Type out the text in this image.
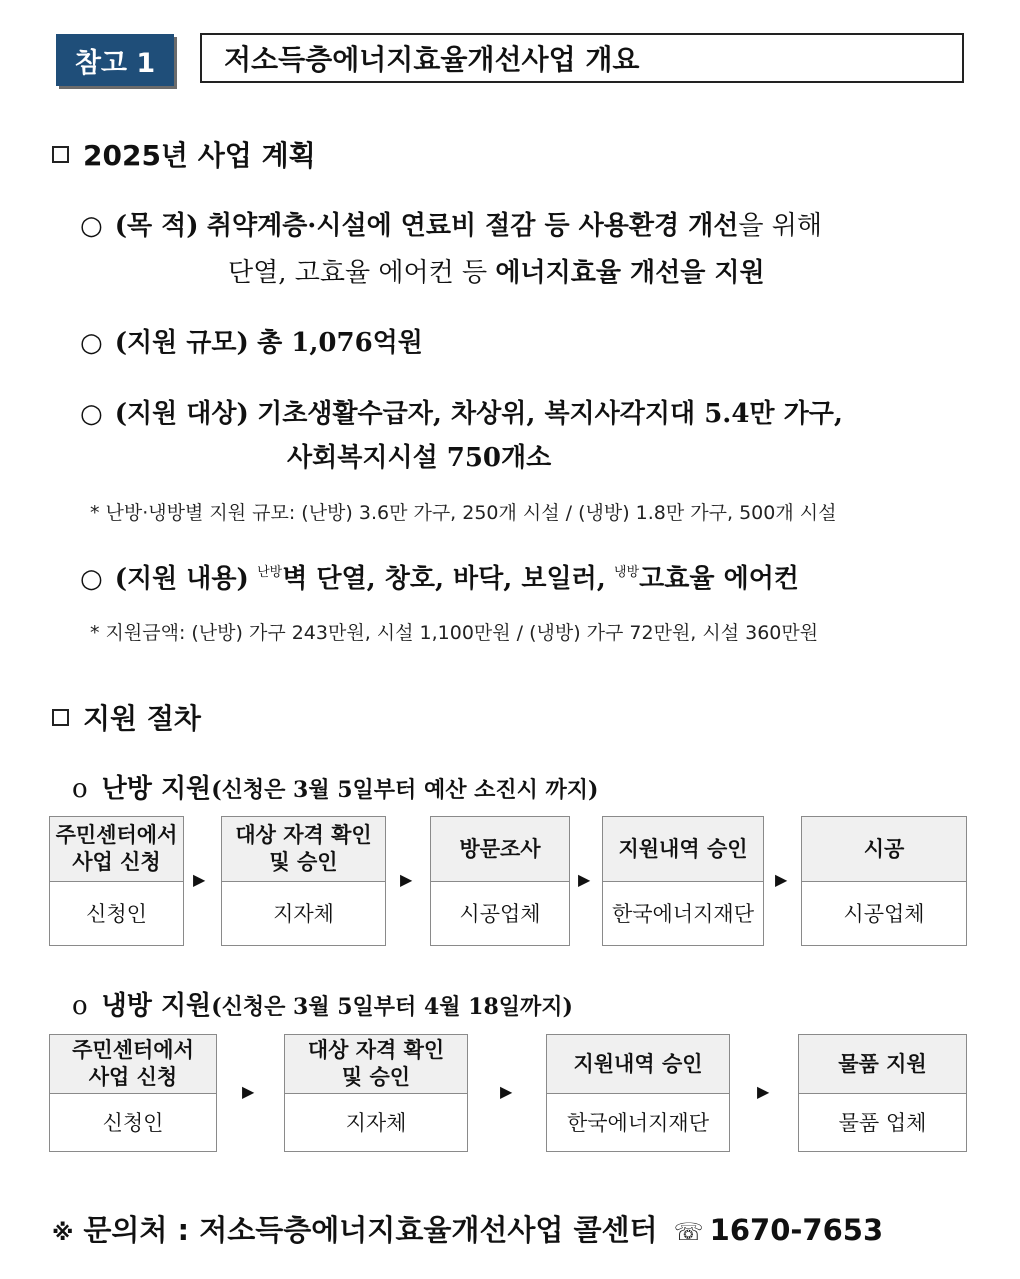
참고 1	저소득층에너지효율개선사업 개요
2025년 사업 계획
○ (목 적) 취약계층·시설에 연료비 절감 등 사용환경 개선을 위해
단열, 고효율 에어컨 등 에너지효율 개선을 지원
○ (지원 규모) 총 1,076억원
○ (지원 대상) 기초생활수급자, 차상위, 복지사각지대 5.4만 가구,
사회복지시설 750개소
* 난방·냉방별 지원 규모: (난방) 3.6만 가구, 250개 시설 / (냉방) 1.8만 가구, 500개 시설
○ (지원 내용) $^{난방}$벽 단열, 창호, 바닥, 보일러, $^{냉방}$고효율 에어컨
* 지원금액: (난방) 가구 243만원, 시설 1,100만원 / (냉방) 가구 72만원, 시설 360만원
지원 절차
o 난방 지원(신청은 3월 5일부터 예산 소진시 까지)
주민센터에서
사업 신청
신청인
▶
대상 자격 확인
및 승인
지자체
▶
방문조사
시공업체
▶
지원내역 승인
한국에너지재단
▶
시공
시공업체
o 냉방 지원(신청은 3월 5일부터 4월 18일까지)
주민센터에서
사업 신청
신청인
▶
대상 자격 확인
및 승인
지자체
▶
지원내역 승인
한국에너지재단
▶
물품 지원
물품 업체
※ 문의처 : 저소득층에너지효율개선사업 콜센터 ☏ 1670-7653
